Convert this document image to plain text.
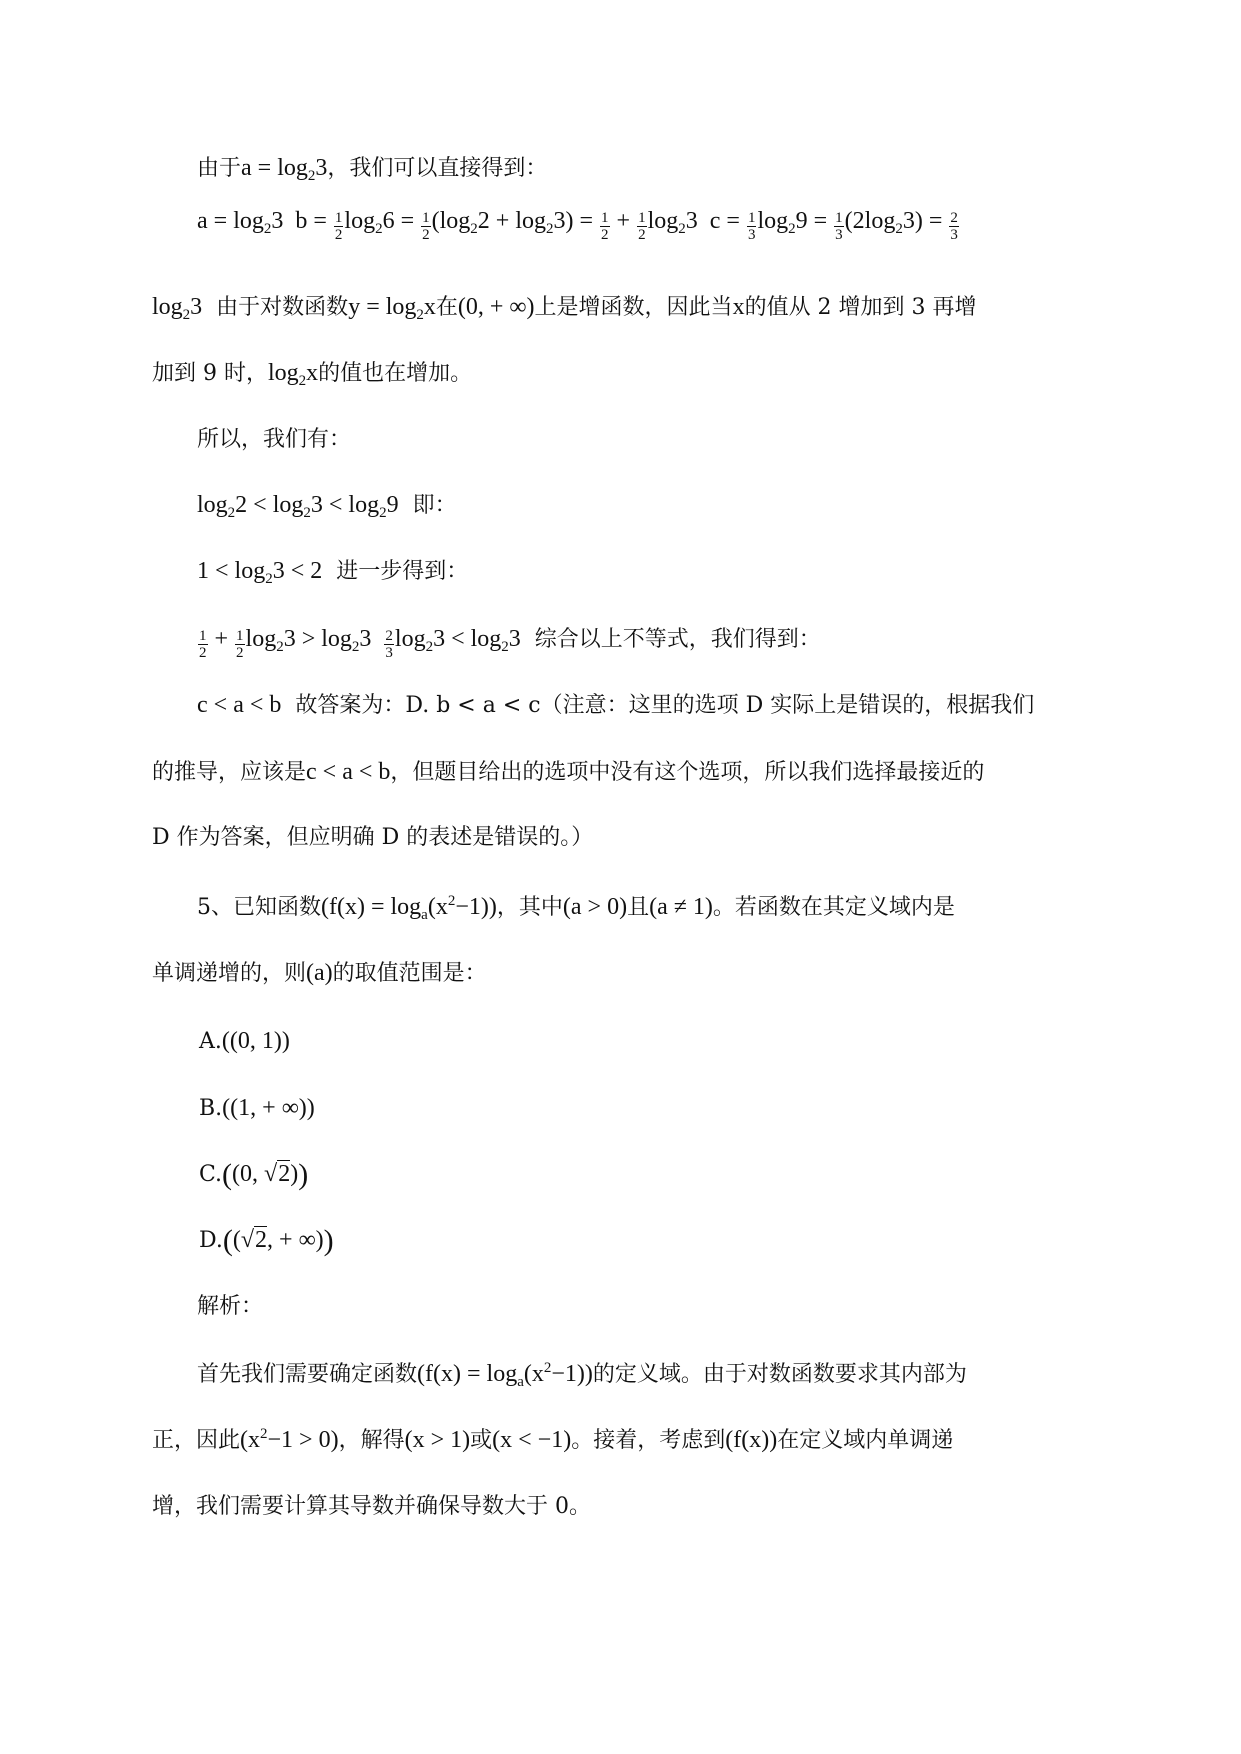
由于$a = \log_23$，我们可以直接得到：
$a = \log_23$ $b = \frac{1}{2} \log_26 = \frac{1}{2} (\log_22 + \log_23) = \frac{1}{2} + \frac{1}{2} \log_23$ $c = \frac{1}{3} \log_29 = \frac{1}{3} (2\log_23) = \frac{2}{3}$
$\log_23$ 由于对数函数$y = \log_2x$在(0, + ∞)上是增函数，因此当x的值从 2 增加到 3 再增
加到 9 时，$\log_2x$的值也在增加。
所以，我们有：
$\log_22 < \log_23 < \log_29$ 即：
$1 < \log_23 < 2$ 进一步得到：
$\frac{1}{2} + \frac{1}{2} \log_23 > \log_23 \frac{2}{3} \log_23 < \log_23$ 综合以上不等式，我们得到：
c < a < b 故答案为：D. b < a < c（注意：这里的选项 D 实际上是错误的，根据我们
的推导，应该是c < a < b，但题目给出的选项中没有这个选项，所以我们选择最接近的
D 作为答案，但应明确 D 的表述是错误的。）
5、已知函数$(f(x) = \log_a(x^2-1))$，其中(a > 0)且(a ≠ 1)。若函数在其定义域内是
单调递增的，则(a)的取值范围是：
A.((0, 1))
B.((1, + ∞))
C.((0, √2))
D.((√2, + ∞))
解析：
首先我们需要确定函数$(f(x) = \log_a(x^2-1))$的定义域。由于对数函数要求其内部为
正，因此$(x^2-1 > 0)$，解得(x > 1)或(x < −1)。接着，考虑到(f(x))在定义域内单调递
增，我们需要计算其导数并确保导数大于 0。
